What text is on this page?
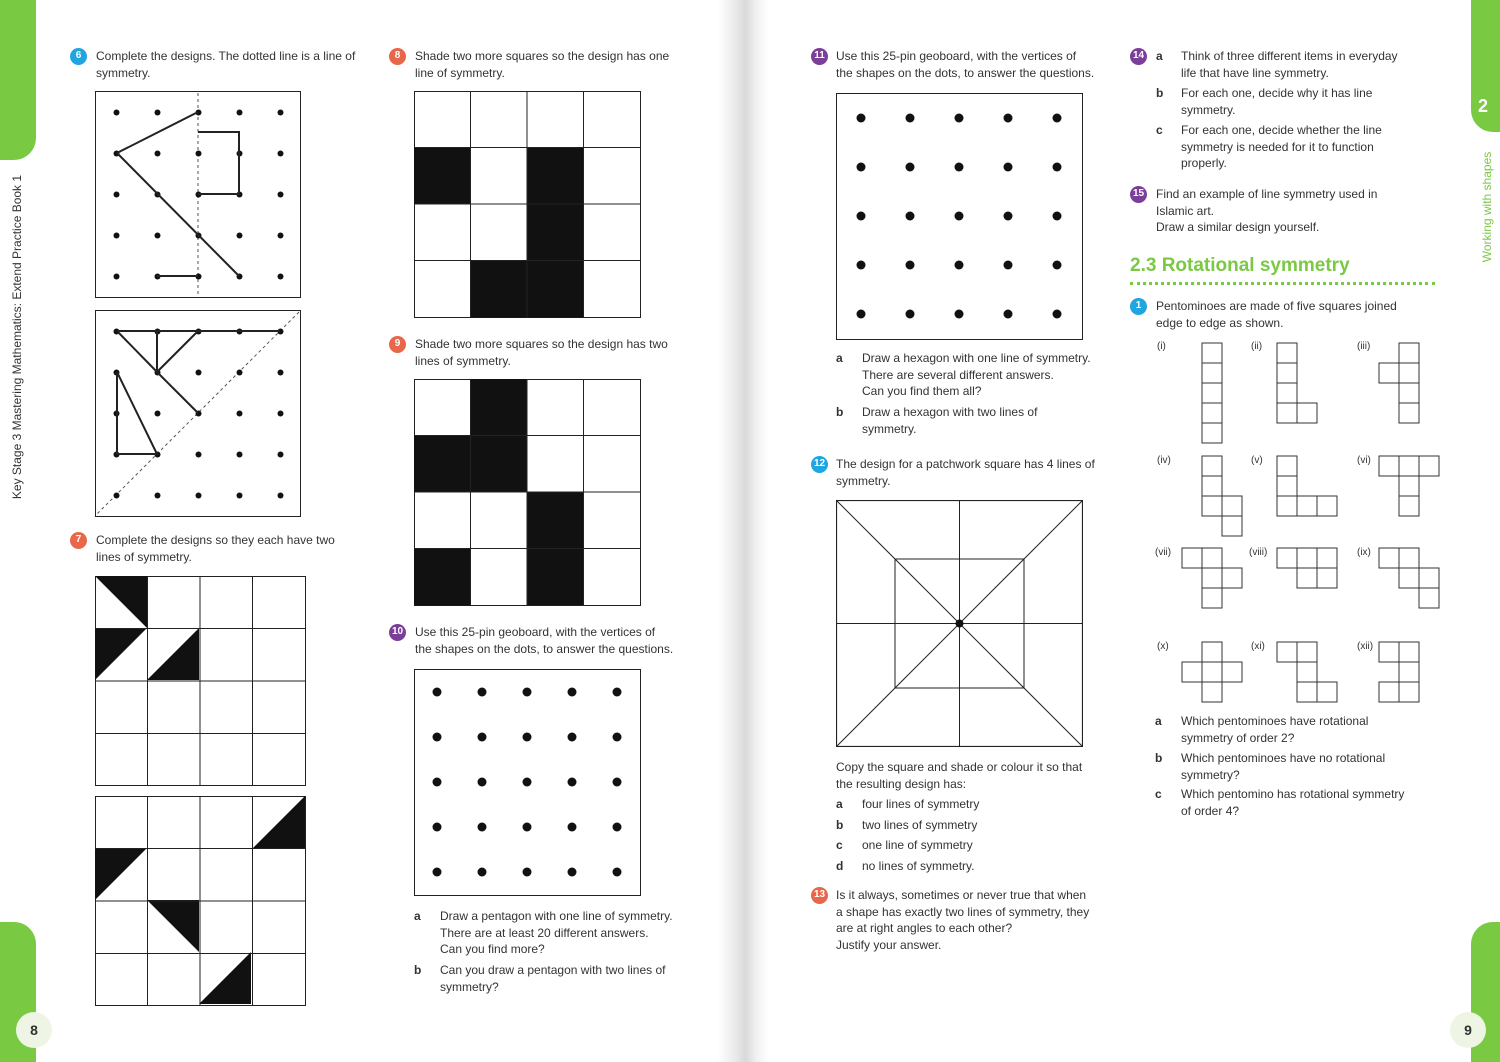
8	9
Key Stage 3 Mastering Mathematics: Extend Practice Book 1	Working with shapes
2
6	Complete the designs. The dotted line is a line of
symmetry.
7	Complete the designs so they each have two
lines of symmetry.
8	Shade two more squares so the design has one
line of symmetry.
9	Shade two more squares so the design has two
lines of symmetry.
10 Use this 25-pin geoboard, with the vertices of
the shapes on the dots, to answer the questions.
a Draw a pentagon with one line of symmetry.
There are at least 20 different answers.
Can you find more?
b Can you draw a pentagon with two lines of
symmetry?
11 Use this 25-pin geoboard, with the vertices of
the shapes on the dots, to answer the questions.
a Draw a hexagon with one line of symmetry.
There are several different answers.
Can you find them all?
b Draw a hexagon with two lines of
symmetry.
12 The design for a patchwork square has 4 lines of
symmetry.
Copy the square and shade or colour it so that
the resulting design has:
a four lines of symmetry
b two lines of symmetry
c one line of symmetry
d no lines of symmetry.
13 Is it always, sometimes or never true that when
a shape has exactly two lines of symmetry, they
are at right angles to each other?
Justify your answer.
14 a Think of three different items in everyday
life that have line symmetry.
b For each one, decide why it has line
symmetry.
c For each one, decide whether the line
symmetry is needed for it to function
properly.
15 Find an example of line symmetry used in
Islamic art.
Draw a similar design yourself.
2.3 Rotational symmetry
1	Pentominoes are made of five squares joined
edge to edge as shown.
(i)	(ii)	(iii)
(iv)	(v)	(vi)
(vii)	(viii)	(ix)
(x)	(xi)	(xii)
a Which pentominoes have rotational
symmetry of order 2?
b Which pentominoes have no rotational
symmetry?
c Which pentomino has rotational symmetry
of order 4?
